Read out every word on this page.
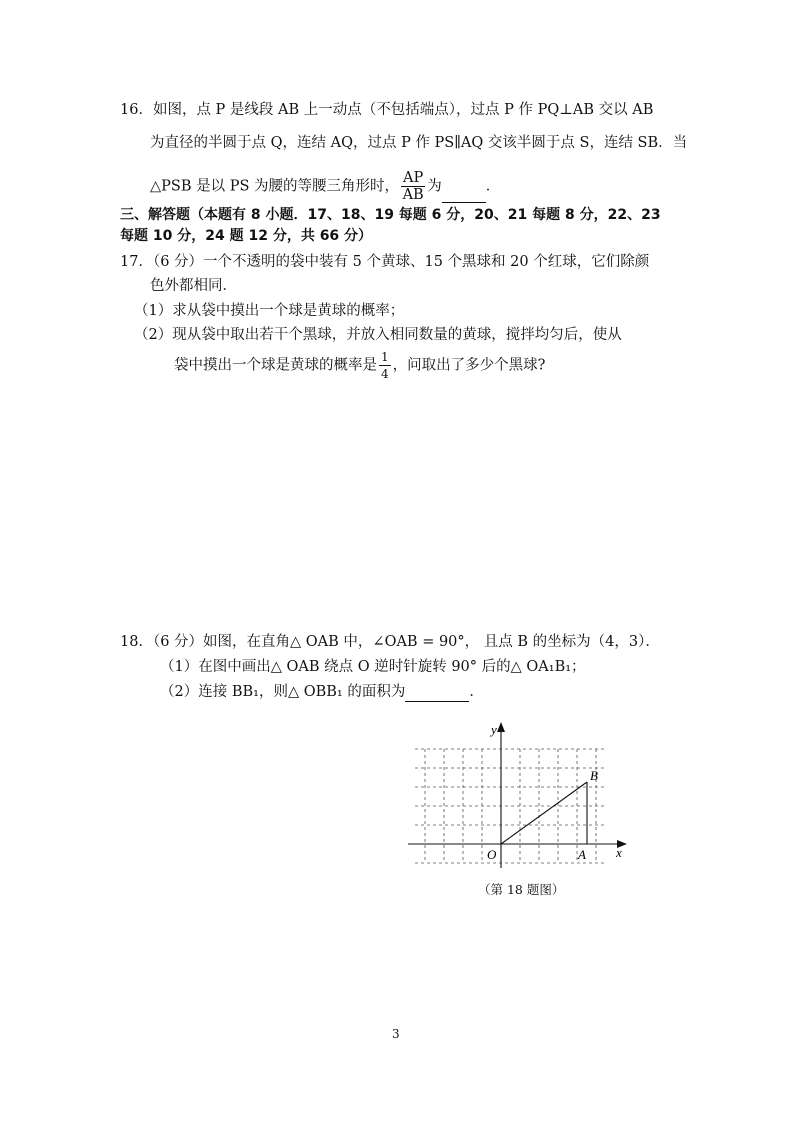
16．如图，点 P 是线段 AB 上一动点（不包括端点），过点 P 作 PQ⊥AB 交以 AB
为直径的半圆于点 Q，连结 AQ，过点 P 作 PS∥AQ 交该半圆于点 S，连结 SB．当
△PSB 是以 PS 为腰的等腰三角形时， $\frac{AP}{AB}$ 为	．
三、解答题（本题有 8 小题．17、18、19 每题 6 分，20、21 每题 8 分，22、23
每题 10 分，24 题 12 分，共 66 分）
17．（6 分）一个不透明的袋中装有 5 个黄球、15 个黑球和 20 个红球，它们除颜
色外都相同．
（1）求从袋中摸出一个球是黄球的概率；
（2）现从袋中取出若干个黑球，并放入相同数量的黄球，搅拌均匀后，使从
袋中摸出一个球是黄球的概率是 $\frac{1}{4}$ ，问取出了多少个黑球?
18．（6 分）如图，在直角△ OAB 中，∠OAB = 90°， 且点 B 的坐标为（4，3）．
（1）在图中画出△ OAB 绕点 O 逆时针旋转 90° 后的△ OA₁B₁；
（2）连接 BB₁，则△ OBB₁ 的面积为	．
y
x
O	A
B
（第 18 题图）
3
